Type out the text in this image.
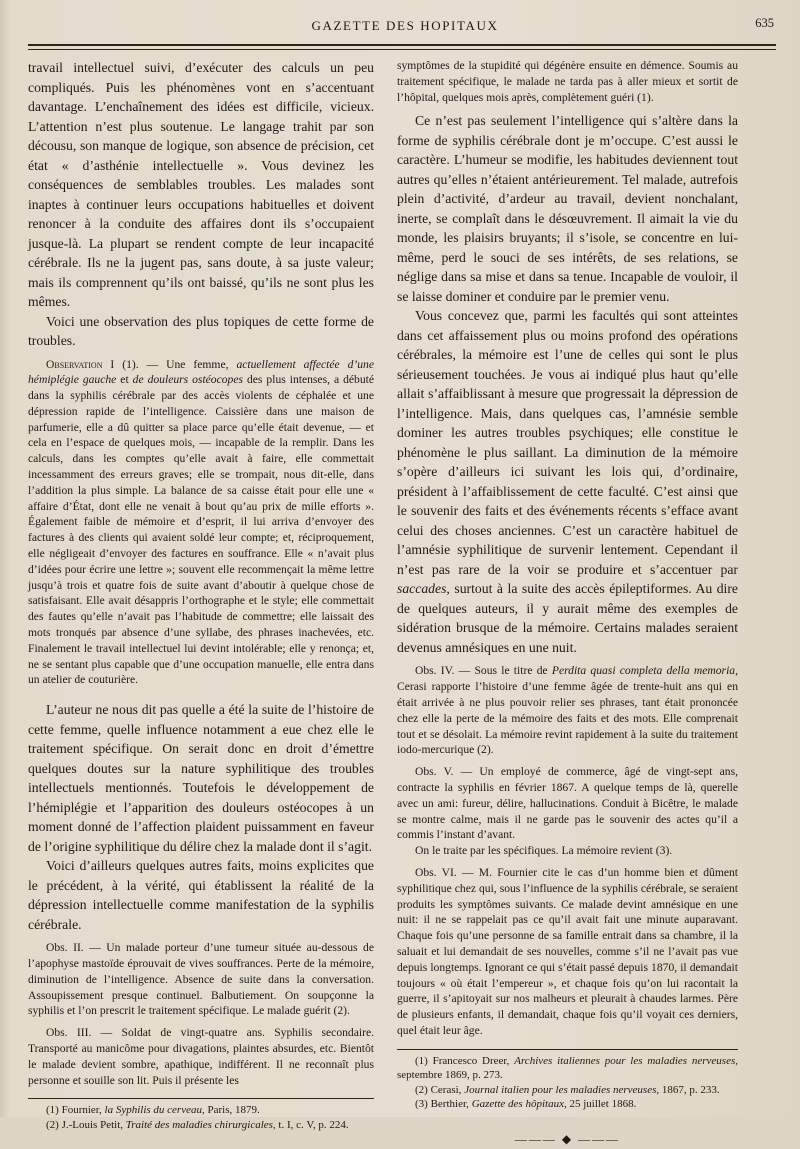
GAZETTE DES HOPITAUX	635

travail intellectuel suivi, d’exécuter des calculs un peu compliqués. Puis les phénomènes vont en s’accentuant davantage. L’enchaînement des idées est difficile, vicieux. L’attention n’est plus soutenue. Le langage trahit par son décousu, son manque de logique, son absence de précision, cet état « d’asthénie intellectuelle ». Vous devinez les conséquences de semblables troubles. Les malades sont inaptes à continuer leurs occupations habituelles et doivent renoncer à la conduite des affaires dont ils s’occupaient jusque-là. La plupart se rendent compte de leur incapacité cérébrale. Ils ne la jugent pas, sans doute, à sa juste valeur; mais ils comprennent qu’ils ont baissé, qu’ils ne sont plus les mêmes.

Voici une observation des plus topiques de cette forme de troubles.

Observation I (1). — Une femme, actuellement affectée d’une hémiplégie gauche et de douleurs ostéocopes des plus intenses, a débuté dans la syphilis cérébrale par des accès violents de céphalée et une dépression rapide de l’intelligence. Caissière dans une maison de parfumerie, elle a dû quitter sa place parce qu’elle était devenue, — et cela en l’espace de quelques mois, — incapable de la remplir. Dans les calculs, dans les comptes qu’elle avait à faire, elle commettait incessamment des erreurs graves; elle se trompait, nous dit-elle, dans l’addition la plus simple. La balance de sa caisse était pour elle une « affaire d’État, dont elle ne venait à bout qu’au prix de mille efforts ». Également faible de mémoire et d’esprit, il lui arriva d’envoyer des factures à des clients qui avaient soldé leur compte; et, réciproquement, elle négligeait d’envoyer des factures en souffrance. Elle « n’avait plus d’idées pour écrire une lettre »; souvent elle recommençait la même lettre jusqu’à trois et quatre fois de suite avant d’aboutir à quelque chose de satisfaisant. Elle avait désappris l’orthographe et le style; elle commettait des fautes qu’elle n’avait pas l’habitude de commettre; elle laissait des mots tronqués par absence d’une syllabe, des phrases inachevées, etc. Finalement le travail intellectuel lui devint intolérable; elle y renonça; et, ne se sentant plus capable que d’une occupation manuelle, elle entra dans un atelier de couturière.

L’auteur ne nous dit pas quelle a été la suite de l’histoire de cette femme, quelle influence notamment a eue chez elle le traitement spécifique. On serait donc en droit d’émettre quelques doutes sur la nature syphilitique des troubles intellectuels mentionnés. Toutefois le développement de l’hémiplégie et l’apparition des douleurs ostéocopes à un moment donné de l’affection plaident puissamment en faveur de l’origine syphilitique du délire chez la malade dont il s’agit.

Voici d’ailleurs quelques autres faits, moins explicites que le précédent, à la vérité, qui établissent la réalité de la dépression intellectuelle comme manifestation de la syphilis cérébrale.

Obs. II. — Un malade porteur d’une tumeur située au-dessous de l’apophyse mastoïde éprouvait de vives souffrances. Perte de la mémoire, diminution de l’intelligence. Absence de suite dans la conversation. Assoupissement presque continuel. Balbutiement. On soupçonne la syphilis et l’on prescrit le traitement spécifique. Le malade guérit (2).

Obs. III. — Soldat de vingt-quatre ans. Syphilis secondaire. Transporté au manicôme pour divagations, plaintes absurdes, etc. Bientôt le malade devient sombre, apathique, indifférent. Il ne reconnaît plus personne et souille son lit. Puis il présente les

(1) Fournier, la Syphilis du cerveau, Paris, 1879.

(2) J.-Louis Petit, Traité des maladies chirurgicales, t. I, c. V, p. 224.

symptômes de la stupidité qui dégénère ensuite en démence. Soumis au traitement spécifique, le malade ne tarda pas à aller mieux et sortit de l’hôpital, quelques mois après, complètement guéri (1).

Ce n’est pas seulement l’intelligence qui s’altère dans la forme de syphilis cérébrale dont je m’occupe. C’est aussi le caractère. L’humeur se modifie, les habitudes deviennent tout autres qu’elles n’étaient antérieurement. Tel malade, autrefois plein d’activité, d’ardeur au travail, devient nonchalant, inerte, se complaît dans le désœuvrement. Il aimait la vie du monde, les plaisirs bruyants; il s’isole, se concentre en lui-même, perd le souci de ses intérêts, de ses relations, se néglige dans sa mise et dans sa tenue. Incapable de vouloir, il se laisse dominer et conduire par le premier venu.

Vous concevez que, parmi les facultés qui sont atteintes dans cet affaissement plus ou moins profond des opérations cérébrales, la mémoire est l’une de celles qui sont le plus sérieusement touchées. Je vous ai indiqué plus haut qu’elle allait s’affaiblissant à mesure que progressait la dépression de l’intelligence. Mais, dans quelques cas, l’amnésie semble dominer les autres troubles psychiques; elle constitue le phénomène le plus saillant. La diminution de la mémoire s’opère d’ailleurs ici suivant les lois qui, d’ordinaire, président à l’affaiblissement de cette faculté. C’est ainsi que le souvenir des faits et des événements récents s’efface avant celui des choses anciennes. C’est un caractère habituel de l’amnésie syphilitique de survenir lentement. Cependant il n’est pas rare de la voir se produire et s’accentuer par saccades, surtout à la suite des accès épileptiformes. Au dire de quelques auteurs, il y aurait même des exemples de sidération brusque de la mémoire. Certains malades seraient devenus amnésiques en une nuit.

Obs. IV. — Sous le titre de Perdita quasi completa della memoria, Cerasi rapporte l’histoire d’une femme âgée de trente-huit ans qui en était arrivée à ne plus pouvoir relier ses phrases, tant était prononcée chez elle la perte de la mémoire des faits et des mots. Elle comprenait tout et se désolait. La mémoire revint rapidement à la suite du traitement iodo-mercurique (2).

Obs. V. — Un employé de commerce, âgé de vingt-sept ans, contracte la syphilis en février 1867. A quelque temps de là, querelle avec un ami: fureur, délire, hallucinations. Conduit à Bicêtre, le malade se montre calme, mais il ne garde pas le souvenir des actes qu’il a commis l’instant d’avant.

On le traite par les spécifiques. La mémoire revient (3).

Obs. VI. — M. Fournier cite le cas d’un homme bien et dûment syphilitique chez qui, sous l’influence de la syphilis cérébrale, se seraient produits les symptômes suivants. Ce malade devint amnésique en une nuit: il ne se rappelait pas ce qu’il avait fait une minute auparavant. Chaque fois qu’une personne de sa famille entrait dans sa chambre, il la saluait et lui demandait de ses nouvelles, comme s’il ne l’avait pas vue depuis longtemps. Ignorant ce qui s’était passé depuis 1870, il demandait toujours « où était l’empereur », et chaque fois qu’on lui racontait la guerre, il s’apitoyait sur nos malheurs et pleurait à chaudes larmes. Père de plusieurs enfants, il demandait, chaque fois qu’il voyait ces derniers, quel était leur âge.

(1) Francesco Dreer, Archives italiennes pour les maladies nerveuses, septembre 1869, p. 273.

(2) Cerasi, Journal italien pour les maladies nerveuses, 1867, p. 233.

(3) Berthier, Gazette des hôpitaux, 25 juillet 1868.

——— ◆ ———
